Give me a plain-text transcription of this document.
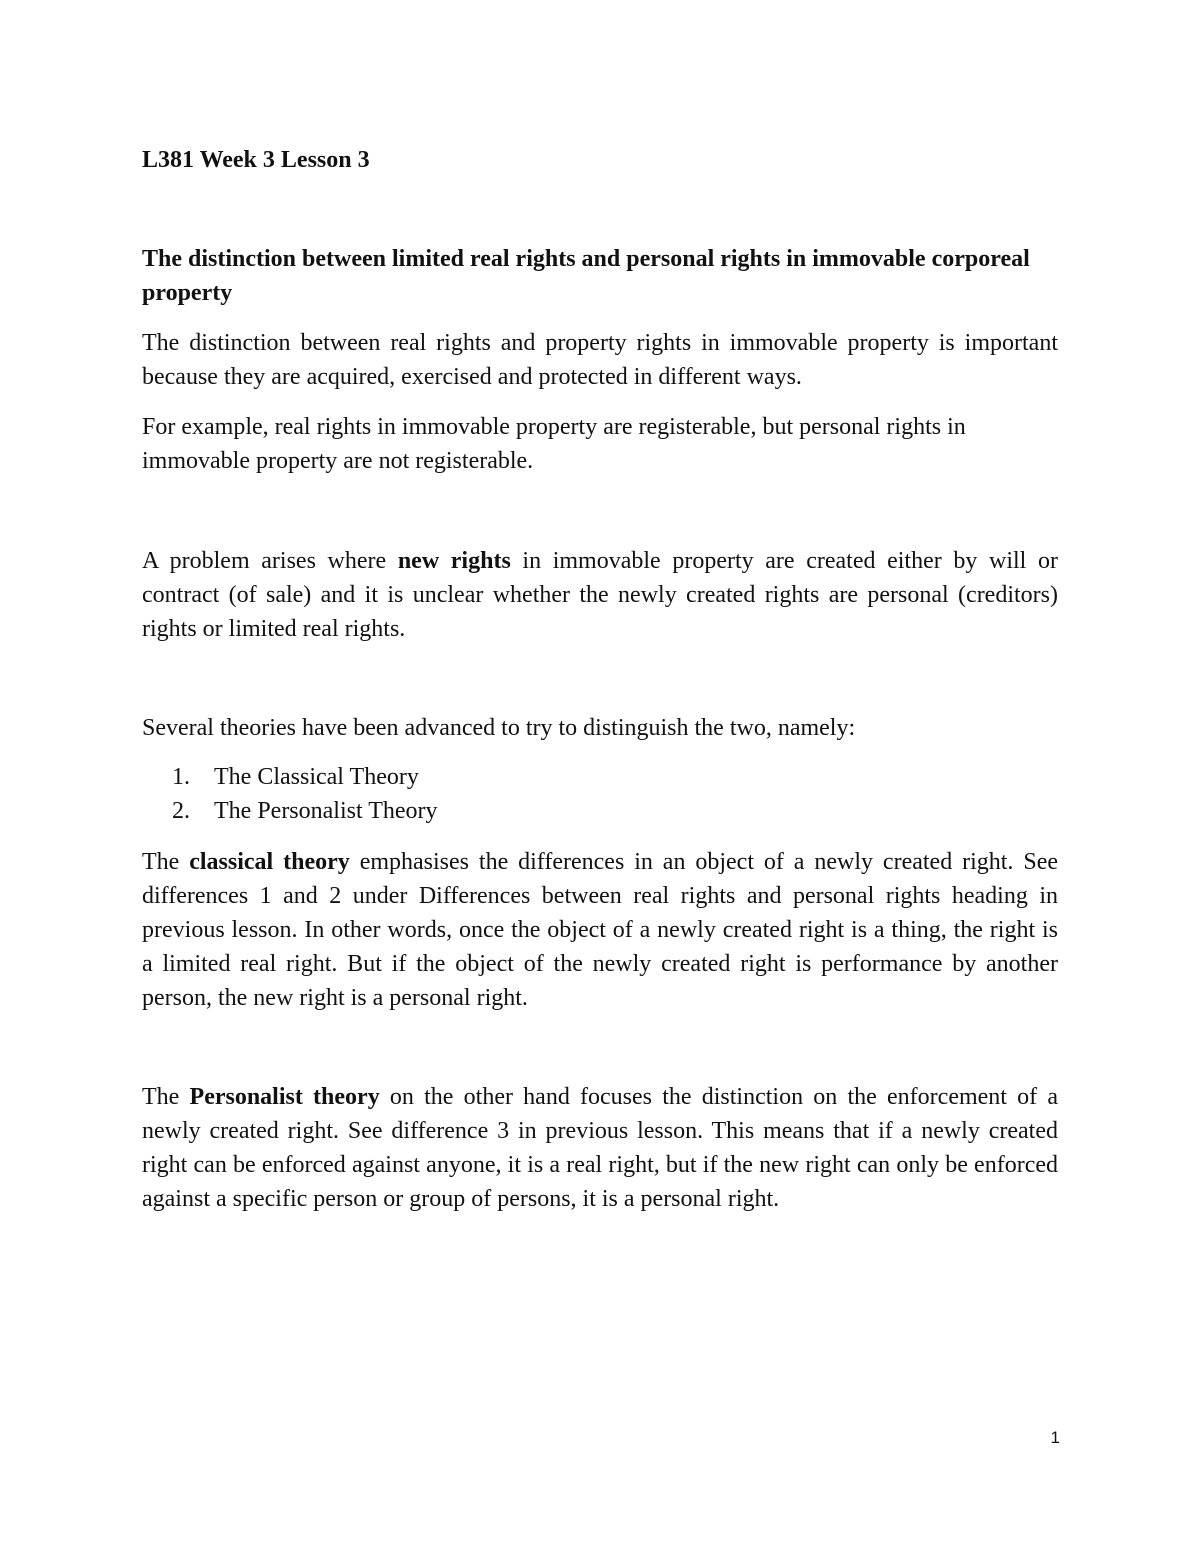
L381 Week 3 Lesson 3

The distinction between limited real rights and personal rights in immovable corporeal property

The distinction between real rights and property rights in immovable property is important because they are acquired, exercised and protected in different ways.

For example, real rights in immovable property are registerable, but personal rights in immovable property are not registerable.

A problem arises where new rights in immovable property are created either by will or contract (of sale) and it is unclear whether the newly created rights are personal (creditors) rights or limited real rights.

Several theories have been advanced to try to distinguish the two, namely:

1.	The Classical Theory
2.	The Personalist Theory

The classical theory emphasises the differences in an object of a newly created right. See differences 1 and 2 under Differences between real rights and personal rights heading in previous lesson. In other words, once the object of a newly created right is a thing, the right is a limited real right. But if the object of the newly created right is performance by another person, the new right is a personal right.

The Personalist theory on the other hand focuses the distinction on the enforcement of a newly created right. See difference 3 in previous lesson. This means that if a newly created right can be enforced against anyone, it is a real right, but if the new right can only be enforced against a specific person or group of persons, it is a personal right.

1
